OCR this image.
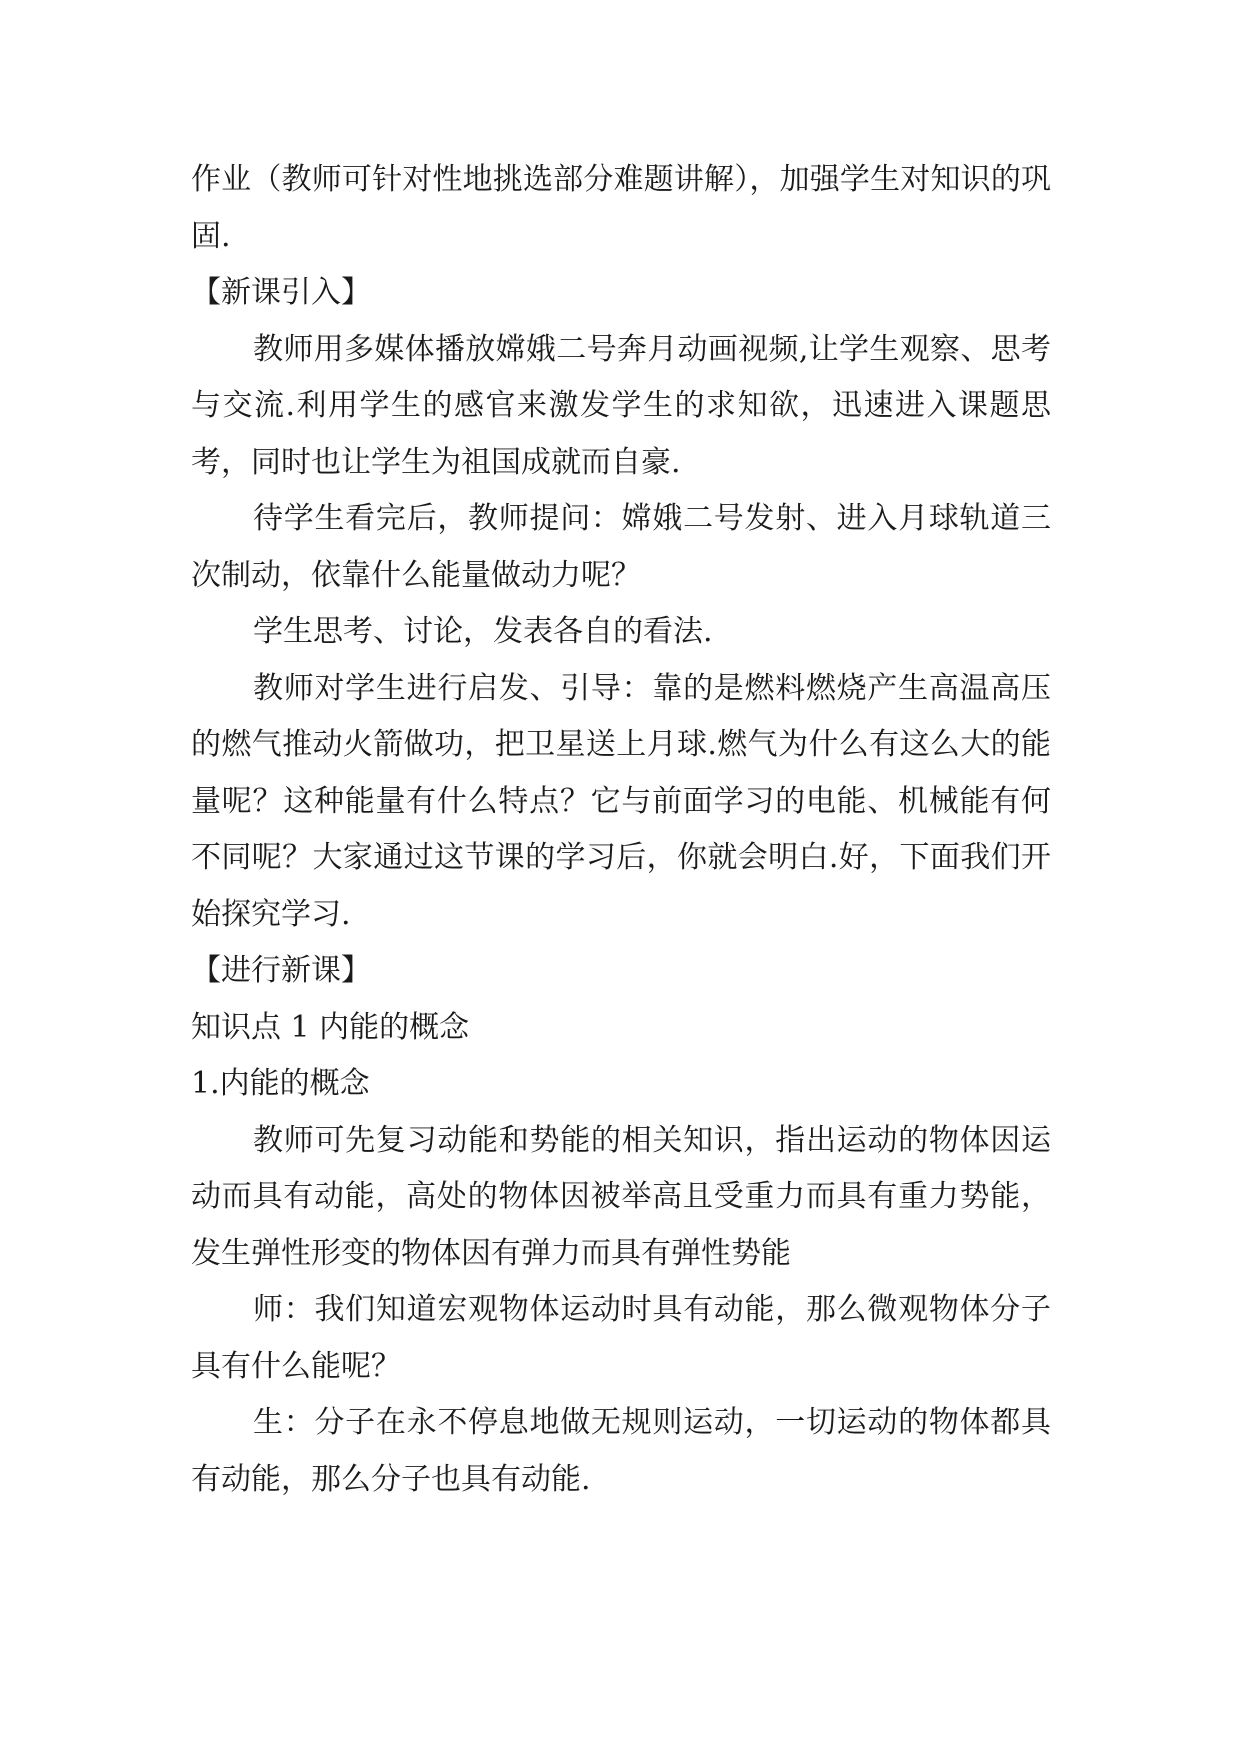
作业（教师可针对性地挑选部分难题讲解），加强学生对知识的巩固.

【新课引入】

教师用多媒体播放嫦娥二号奔月动画视频,让学生观察、思考与交流.利用学生的感官来激发学生的求知欲，迅速进入课题思考，同时也让学生为祖国成就而自豪.

待学生看完后，教师提问：嫦娥二号发射、进入月球轨道三次制动，依靠什么能量做动力呢？

学生思考、讨论，发表各自的看法.

教师对学生进行启发、引导：靠的是燃料燃烧产生高温高压的燃气推动火箭做功，把卫星送上月球.燃气为什么有这么大的能量呢？这种能量有什么特点？它与前面学习的电能、机械能有何不同呢？大家通过这节课的学习后，你就会明白.好，下面我们开始探究学习.

【进行新课】

知识点 1 内能的概念

1.内能的概念

教师可先复习动能和势能的相关知识，指出运动的物体因运动而具有动能，高处的物体因被举高且受重力而具有重力势能，发生弹性形变的物体因有弹力而具有弹性势能

师：我们知道宏观物体运动时具有动能，那么微观物体分子具有什么能呢？

生：分子在永不停息地做无规则运动，一切运动的物体都具有动能，那么分子也具有动能.
